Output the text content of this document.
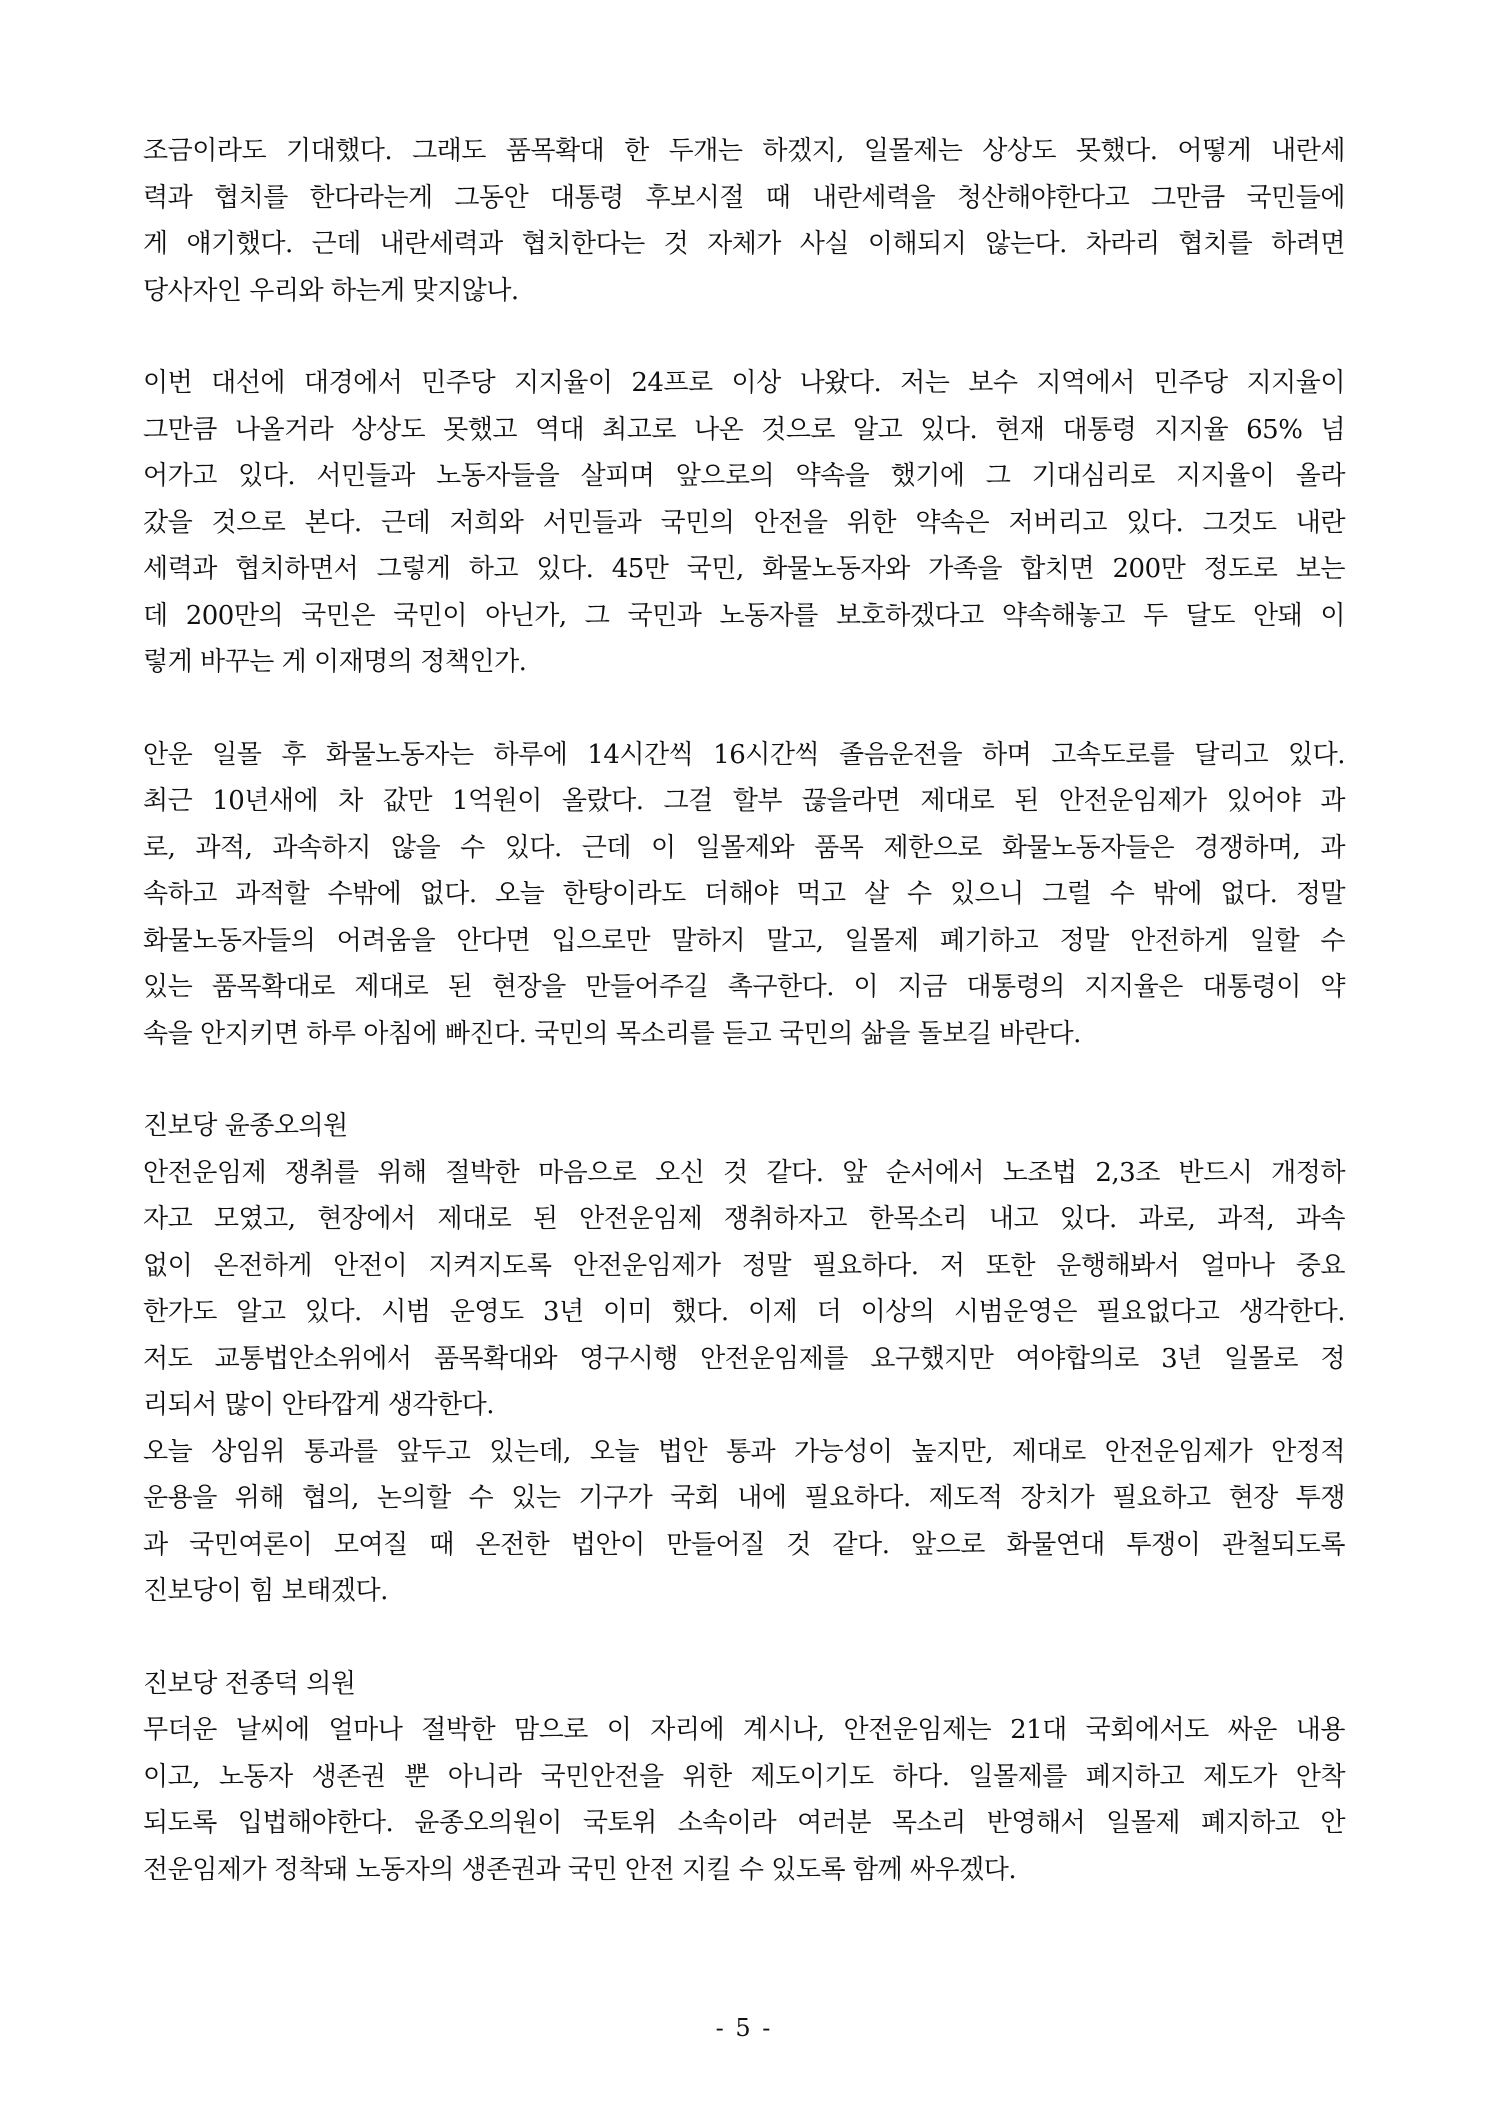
조금이라도 기대했다. 그래도 품목확대 한 두개는 하겠지, 일몰제는 상상도 못했다. 어떻게 내란세
력과 협치를 한다라는게 그동안 대통령 후보시절 때 내란세력을 청산해야한다고 그만큼 국민들에
게 얘기했다. 근데 내란세력과 협치한다는 것 자체가 사실 이해되지 않는다. 차라리 협치를 하려면
당사자인 우리와 하는게 맞지않나.
이번 대선에 대경에서 민주당 지지율이 24프로 이상 나왔다. 저는 보수 지역에서 민주당 지지율이
그만큼 나올거라 상상도 못했고 역대 최고로 나온 것으로 알고 있다. 현재 대통령 지지율 65% 넘
어가고 있다. 서민들과 노동자들을 살피며 앞으로의 약속을 했기에 그 기대심리로 지지율이 올라
갔을 것으로 본다. 근데 저희와 서민들과 국민의 안전을 위한 약속은 저버리고 있다. 그것도 내란
세력과 협치하면서 그렇게 하고 있다. 45만 국민, 화물노동자와 가족을 합치면 200만 정도로 보는
데 200만의 국민은 국민이 아닌가, 그 국민과 노동자를 보호하겠다고 약속해놓고 두 달도 안돼 이
렇게 바꾸는 게 이재명의 정책인가.
안운 일몰 후 화물노동자는 하루에 14시간씩 16시간씩 졸음운전을 하며 고속도로를 달리고 있다.
최근 10년새에 차 값만 1억원이 올랐다. 그걸 할부 끊을라면 제대로 된 안전운임제가 있어야 과
로, 과적, 과속하지 않을 수 있다. 근데 이 일몰제와 품목 제한으로 화물노동자들은 경쟁하며, 과
속하고 과적할 수밖에 없다. 오늘 한탕이라도 더해야 먹고 살 수 있으니 그럴 수 밖에 없다. 정말
화물노동자들의 어려움을 안다면 입으로만 말하지 말고, 일몰제 폐기하고 정말 안전하게 일할 수
있는 품목확대로 제대로 된 현장을 만들어주길 촉구한다. 이 지금 대통령의 지지율은 대통령이 약
속을 안지키면 하루 아침에 빠진다. 국민의 목소리를 듣고 국민의 삶을 돌보길 바란다.
진보당 윤종오의원
안전운임제 쟁취를 위해 절박한 마음으로 오신 것 같다. 앞 순서에서 노조법 2,3조 반드시 개정하
자고 모였고, 현장에서 제대로 된 안전운임제 쟁취하자고 한목소리 내고 있다. 과로, 과적, 과속
없이 온전하게 안전이 지켜지도록 안전운임제가 정말 필요하다. 저 또한 운행해봐서 얼마나 중요
한가도 알고 있다. 시범 운영도 3년 이미 했다. 이제 더 이상의 시범운영은 필요없다고 생각한다.
저도 교통법안소위에서 품목확대와 영구시행 안전운임제를 요구했지만 여야합의로 3년 일몰로 정
리되서 많이 안타깝게 생각한다.
오늘 상임위 통과를 앞두고 있는데, 오늘 법안 통과 가능성이 높지만, 제대로 안전운임제가 안정적
운용을 위해 협의, 논의할 수 있는 기구가 국회 내에 필요하다. 제도적 장치가 필요하고 현장 투쟁
과 국민여론이 모여질 때 온전한 법안이 만들어질 것 같다. 앞으로 화물연대 투쟁이 관철되도록
진보당이 힘 보태겠다.
진보당 전종덕 의원
무더운 날씨에 얼마나 절박한 맘으로 이 자리에 계시나, 안전운임제는 21대 국회에서도 싸운 내용
이고, 노동자 생존권 뿐 아니라 국민안전을 위한 제도이기도 하다. 일몰제를 폐지하고 제도가 안착
되도록 입법해야한다. 윤종오의원이 국토위 소속이라 여러분 목소리 반영해서 일몰제 폐지하고 안
전운임제가 정착돼 노동자의 생존권과 국민 안전 지킬 수 있도록 함께 싸우겠다.
- 5 -
